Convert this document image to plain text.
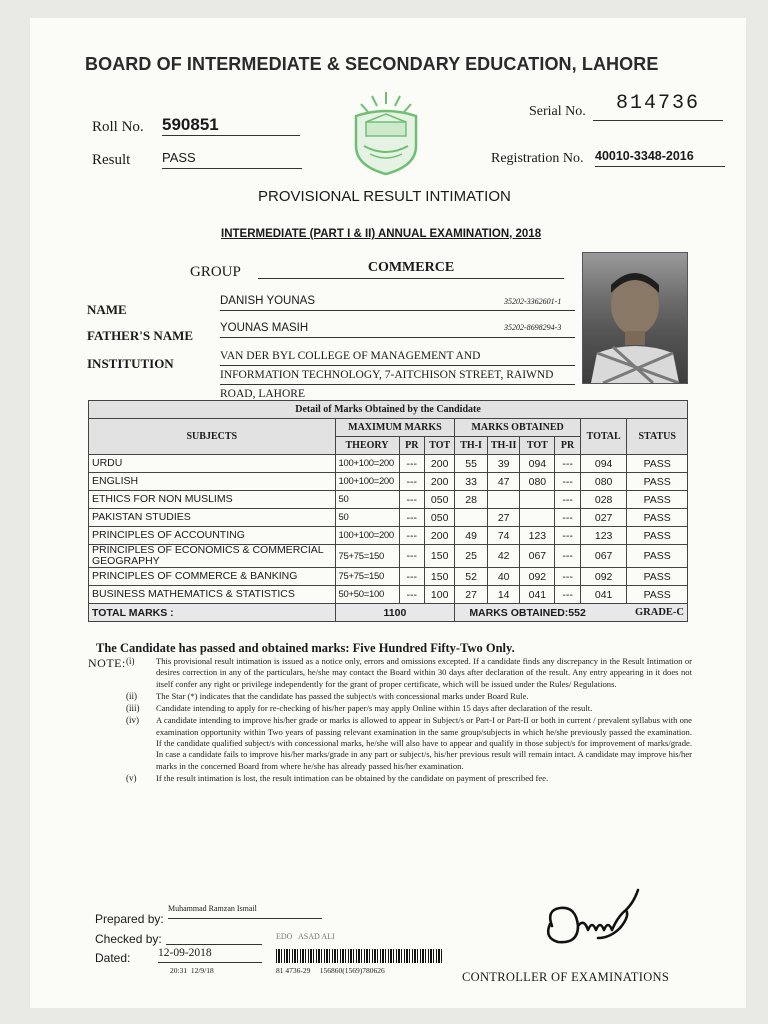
BOARD OF INTERMEDIATE & SECONDARY EDUCATION, LAHORE
Serial No.	814736
Roll No. 590851
Result PASS	Registration No. 40010-3348-2016
PROVISIONAL RESULT INTIMATION
INTERMEDIATE (PART I & II) ANNUAL EXAMINATION, 2018
GROUP	COMMERCE
NAME
DANISH YOUNAS	35202-3362601-1
FATHER'S NAME YOUNAS MASIH	35202-8698294-3
INSTITUTION	VAN DER BYL COLLEGE OF MANAGEMENT AND
INFORMATION TECHNOLOGY, 7-AITCHISON STREET, RAIWND
ROAD, LAHORE
Detail of Marks Obtained by the Candidate									
SUBJECTS	MAXIMUM MARKS			MARKS OBTAINED				TOTAL	STATUS
	THEORY	PR	TOT	TH-I	TH-II	TOT	PR		
URDU	100+100=200	---	200	55	39	094	---	094	PASS
ENGLISH	100+100=200	---	200	33	47	080	---	080	PASS
ETHICS FOR NON MUSLIMS	50	---	050	28			---	028	PASS
PAKISTAN STUDIES	50	---	050		27		---	027	PASS
PRINCIPLES OF ACCOUNTING	100+100=200	---	200	49	74	123	---	123	PASS
PRINCIPLES OF ECONOMICS & COMMERCIAL GEOGRAPHY	75+75=150	---	150	25	42	067	---	067	PASS
PRINCIPLES OF COMMERCE & BANKING	75+75=150	---	150	52	40	092	---	092	PASS
BUSINESS MATHEMATICS & STATISTICS	50+50=100	---	100	27	14	041	---	041	PASS
TOTAL MARKS :	1100			MARKS OBTAINED:552 GRADE-C					
The Candidate has passed and obtained marks: Five Hundred Fifty-Two Only.
NOTE: (i)	This provisional result intimation is issued as a notice only, errors and omissions excepted. If a candidate finds any discrepancy in the Result Intimation or desires correction in any of the particulars, he/she may contact the Board within 30 days after declaration of the result. Any entry appearing in it does not itself confer any right or privilege independently for the grant of proper certificate, which will be issued under the Rules/ Regulations.
(ii)	The Star (*) indicates that the candidate has passed the subject/s with concessional marks under Board Rule.
(iii)	Candidate intending to apply for re-checking of his/her paper/s may apply Online within 15 days after declaration of the result.
(iv)	A candidate intending to improve his/her grade or marks is allowed to appear in Subject/s or Part-I or Part-II or both in current / prevalent syllabus with one examination opportunity within Two years of passing relevant examination in the same group/subjects in which he/she previously passed the examination. If the candidate qualified subject/s with concessional marks, he/she will also have to appear and qualify in those subject/s for improvement of marks/grade. In case a candidate fails to improve his/her marks/grade in any part or subject/s, his/her previous result will remain intact. A candidate may improve his/her marks in the concerned Board from where he/she has already passed his/her examination.
(v)	If the result intimation is lost, the result intimation can be obtained by the candidate on payment of prescribed fee.
Prepared by:
Muhammad Ramzan Ismail
Checked by:	EDO   ASAD ALI
Dated: 12-09-2018
20:31  12/9/18	81 4736-29     156860(1569)780626	CONTROLLER OF EXAMINATIONS
